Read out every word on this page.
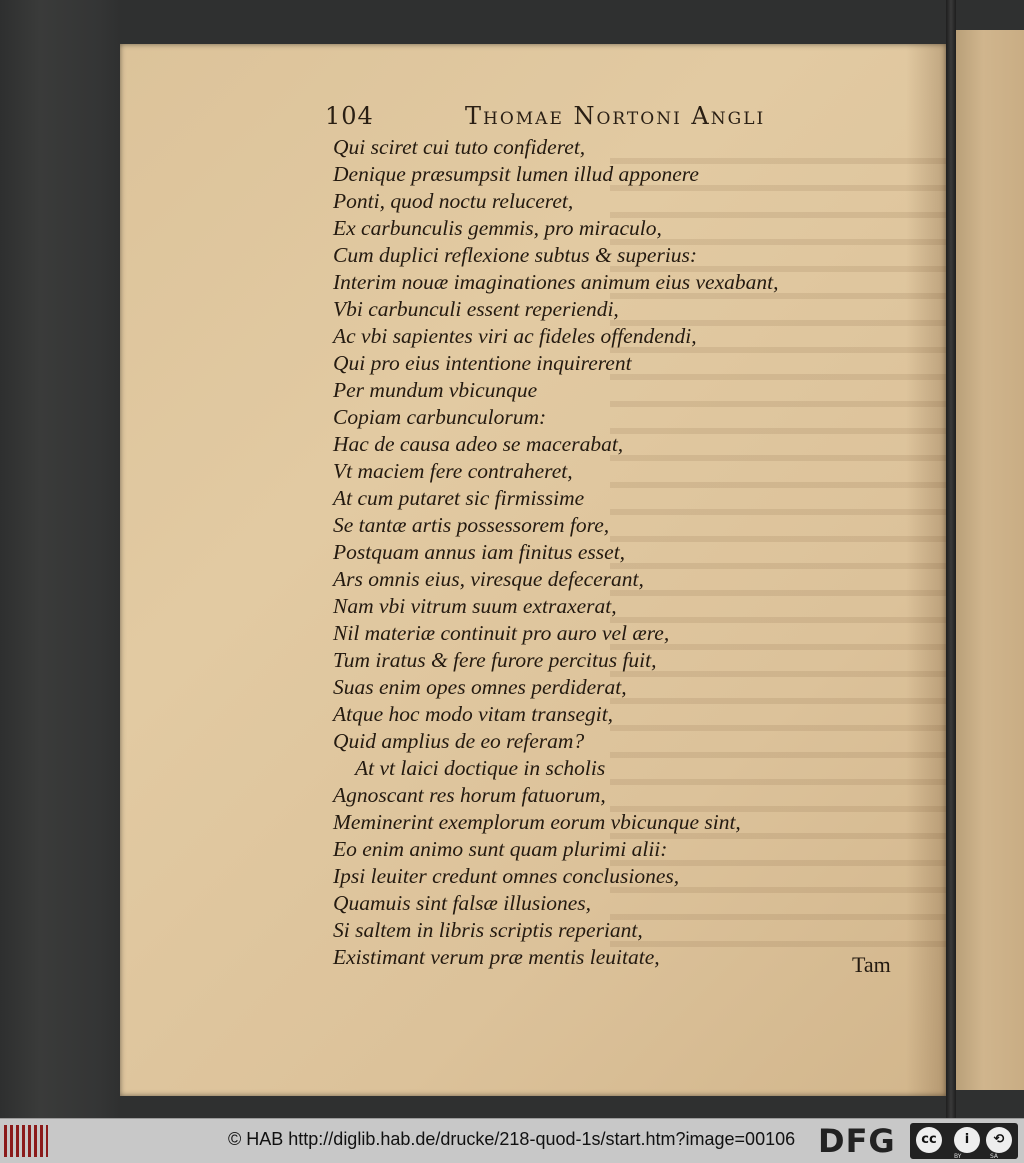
104	Thomae Nortoni Angli
Qui sciret cui tuto confideret,
Denique præsumpsit lumen illud apponere
Ponti, quod noctu reluceret,
Ex carbunculis gemmis, pro miraculo,
Cum duplici reflexione subtus & superius:
Interim nouæ imaginationes animum eius vexabant,
Vbi carbunculi essent reperiendi,
Ac vbi sapientes viri ac fideles offendendi,
Qui pro eius intentione inquirerent
Per mundum vbicunque
Copiam carbunculorum:
Hac de causa adeo se macerabat,
Vt maciem fere contraheret,
At cum putaret sic firmissime
Se tantæ artis possessorem fore,
Postquam annus iam finitus esset,
Ars omnis eius, viresque defecerant,
Nam vbi vitrum suum extraxerat,
Nil materiæ continuit pro auro vel ære,
Tum iratus & fere furore percitus fuit,
Suas enim opes omnes perdiderat,
Atque hoc modo vitam transegit,
Quid amplius de eo referam?
At vt laici doctique in scholis
Agnoscant res horum fatuorum,
Meminerint exemplorum eorum vbicunque sint,
Eo enim animo sunt quam plurimi alii:
Ipsi leuiter credunt omnes conclusiones,
Quamuis sint falsæ illusiones,
Si saltem in libris scriptis reperiant,
Existimant verum præ mentis leuitate,	Tam
© HAB http://diglib.hab.de/drucke/218-quod-1s/start.htm?image=00106 DFG	cc	i	⟲
BY	SA
